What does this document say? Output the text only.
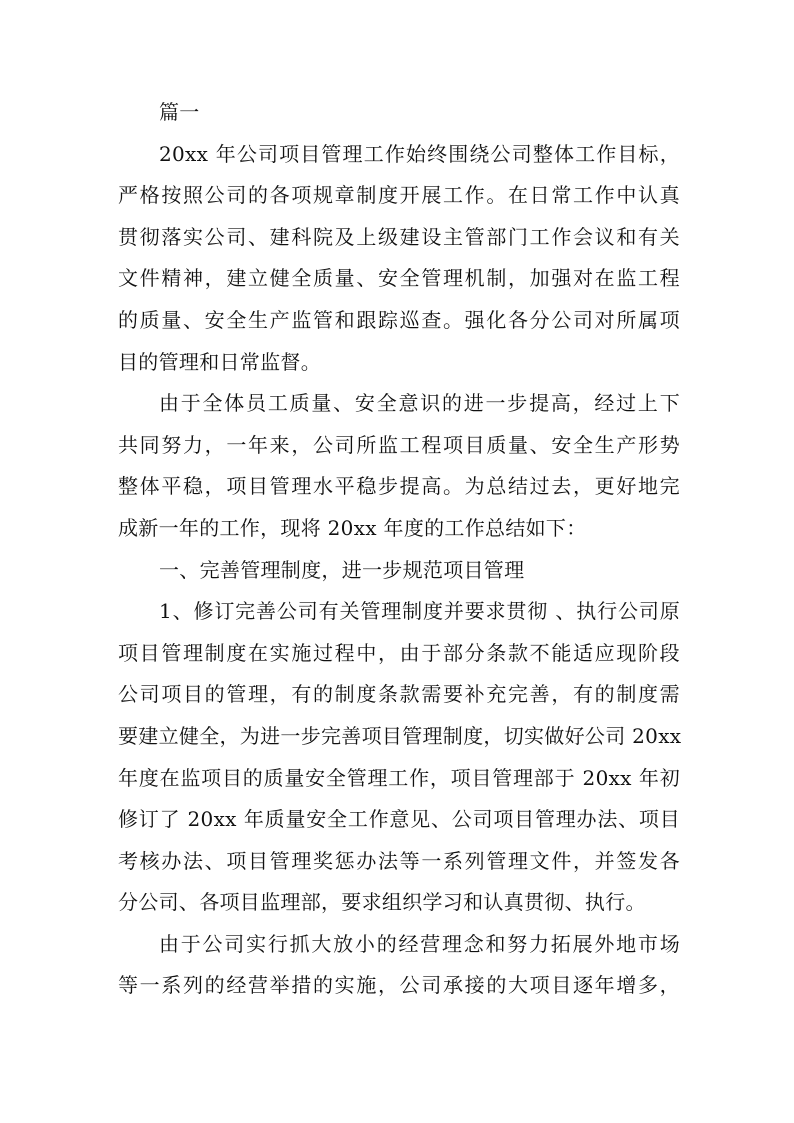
篇一
20xx 年公司项目管理工作始终围绕公司整体工作目标，
严格按照公司的各项规章制度开展工作。在日常工作中认真
贯彻落实公司、建科院及上级建设主管部门工作会议和有关
文件精神，建立健全质量、安全管理机制，加强对在监工程
的质量、安全生产监管和跟踪巡查。强化各分公司对所属项
目的管理和日常监督。
由于全体员工质量、安全意识的进一步提高，经过上下
共同努力，一年来，公司所监工程项目质量、安全生产形势
整体平稳，项目管理水平稳步提高。为总结过去，更好地完
成新一年的工作，现将 20xx 年度的工作总结如下：
一、完善管理制度，进一步规范项目管理
1、修订完善公司有关管理制度并要求贯彻 、执行公司原
项目管理制度在实施过程中，由于部分条款不能适应现阶段
公司项目的管理，有的制度条款需要补充完善，有的制度需
要建立健全，为进一步完善项目管理制度，切实做好公司 20xx
年度在监项目的质量安全管理工作，项目管理部于 20xx 年初
修订了 20xx 年质量安全工作意见、公司项目管理办法、项目
考核办法、项目管理奖惩办法等一系列管理文件，并签发各
分公司、各项目监理部，要求组织学习和认真贯彻、执行。
由于公司实行抓大放小的经营理念和努力拓展外地市场
等一系列的经营举措的实施，公司承接的大项目逐年增多，
